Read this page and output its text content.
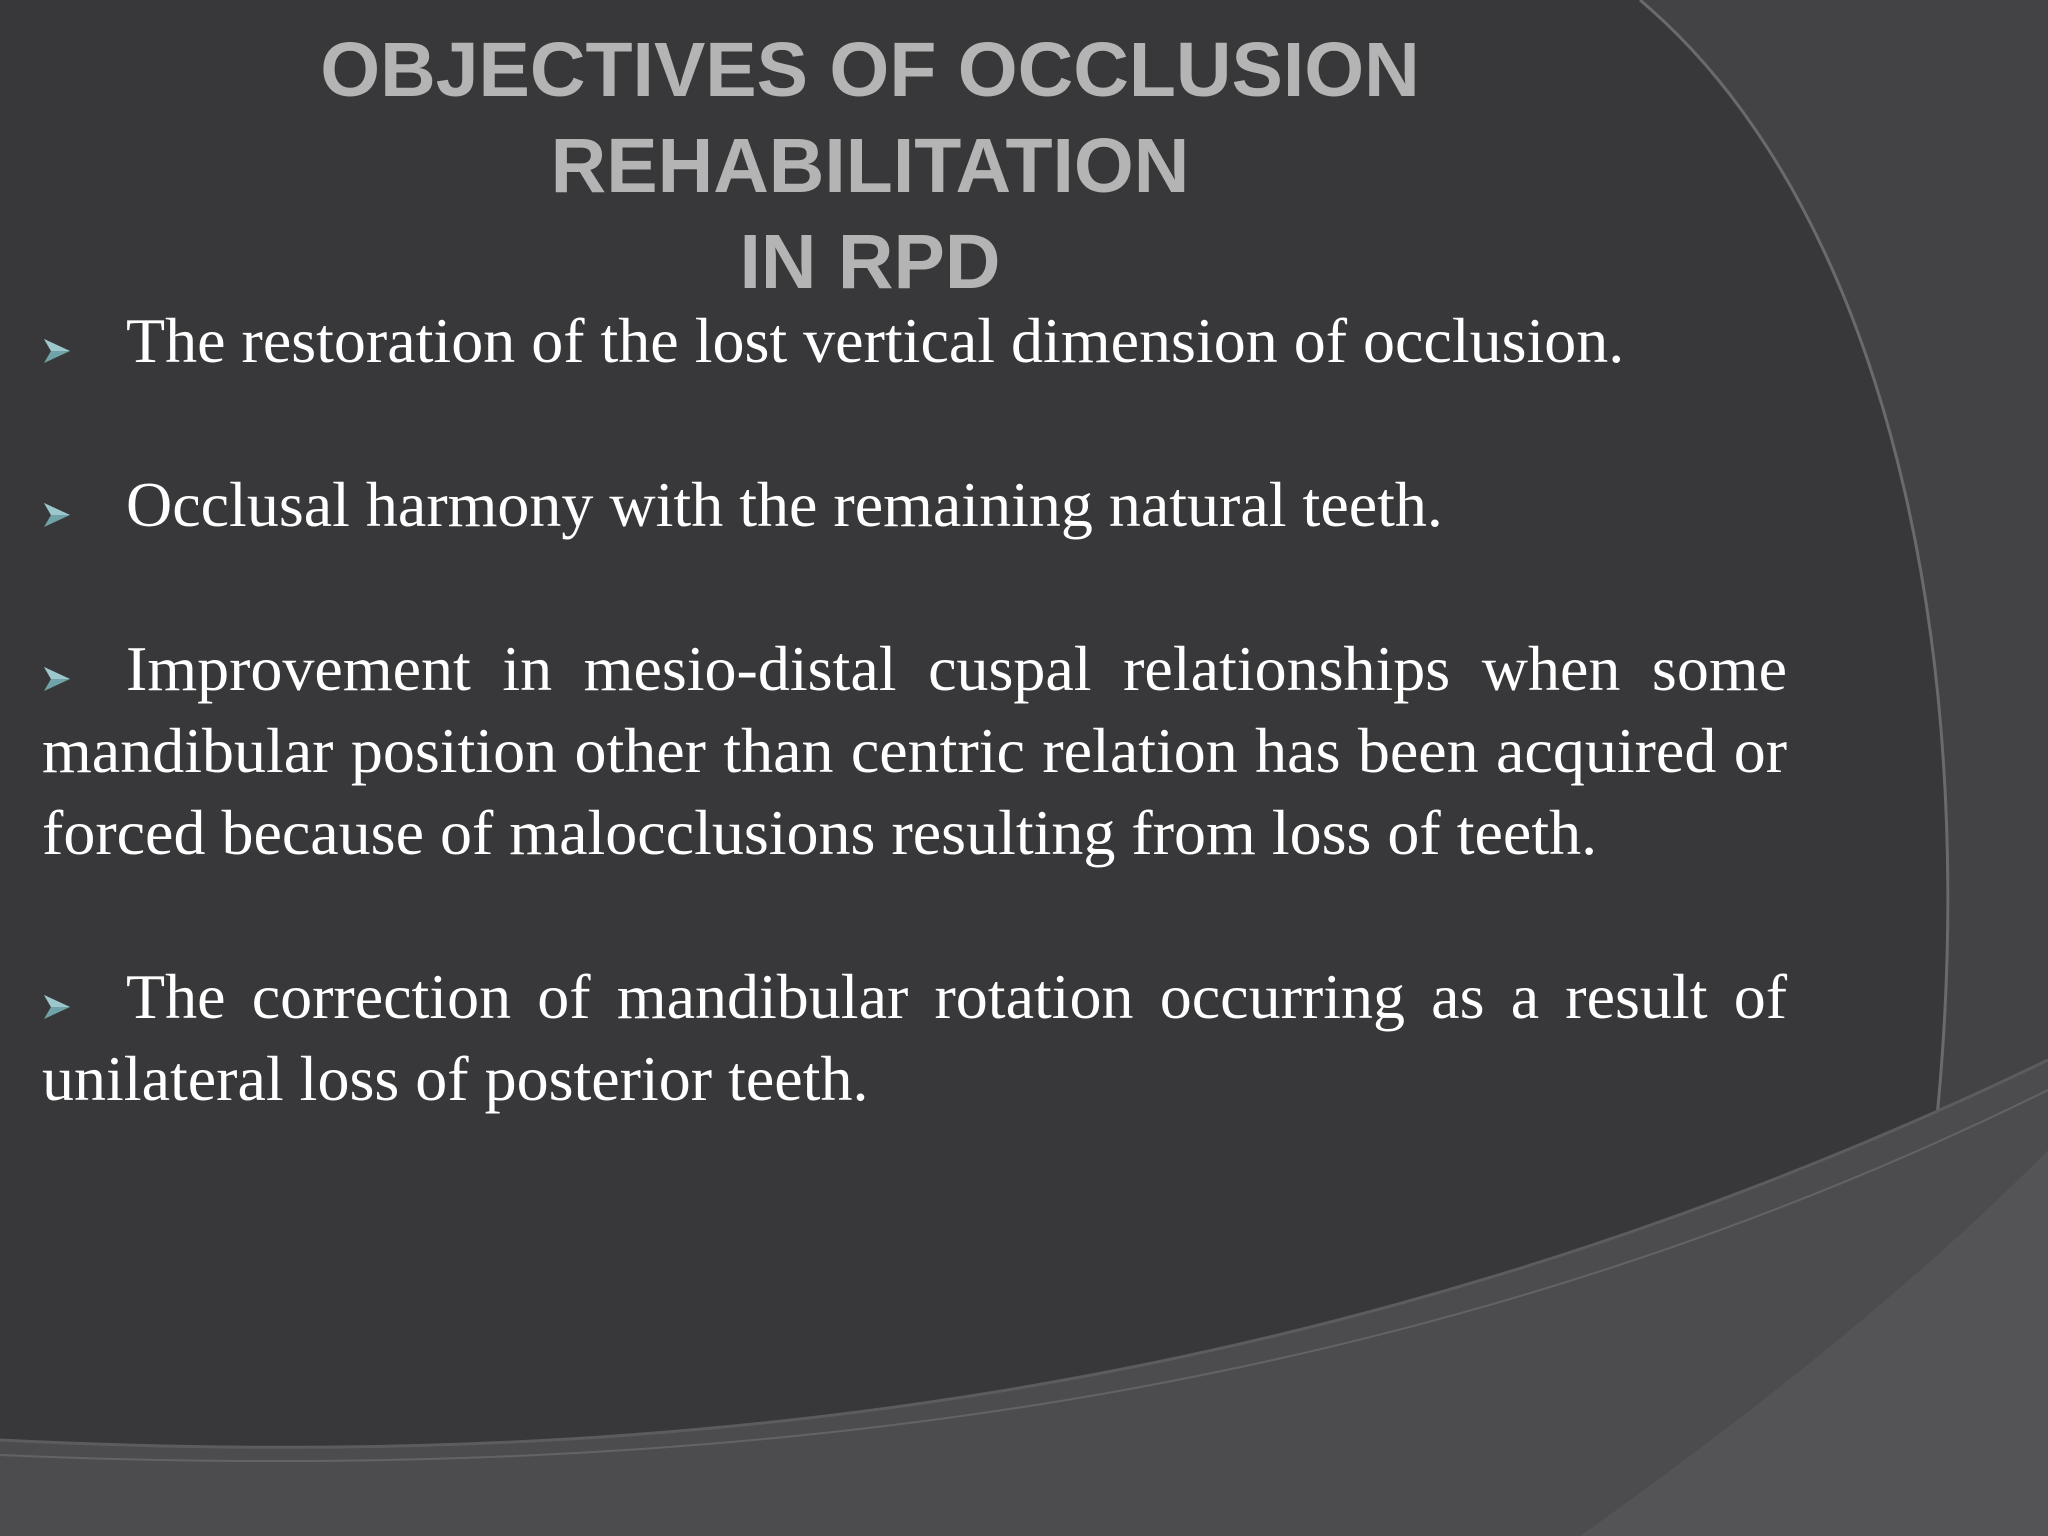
OBJECTIVES OF OCCLUSION
REHABILITATION
IN RPD
The restoration of the lost vertical dimension of occlusion.
Occlusal harmony with the remaining natural teeth.
Improvement in mesio-distal cuspal relationships when some mandibular position other than centric relation has been acquired or forced because of malocclusions resulting from loss of teeth.
The correction of mandibular rotation occurring as a result of unilateral loss of posterior teeth.
